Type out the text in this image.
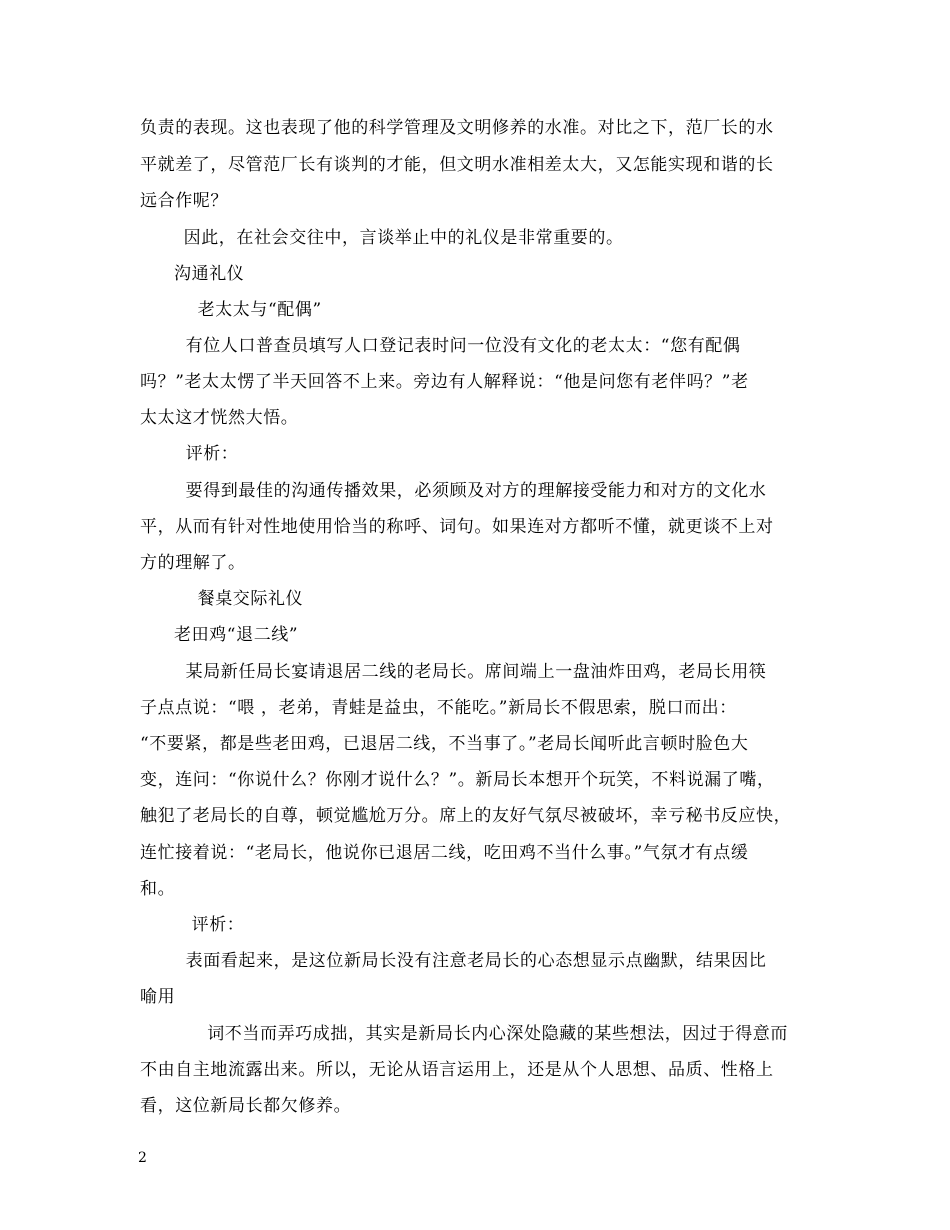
负责的表现。这也表现了他的科学管理及文明修养的水准。对比之下，范厂长的水
平就差了，尽管范厂长有谈判的才能，但文明水准相差太大，又怎能实现和谐的长
远合作呢？
　因此，在社会交往中，言谈举止中的礼仪是非常重要的。
沟通礼仪
　老太太与“配偶”
　有位人口普查员填写人口登记表时问一位没有文化的老太太：“您有配偶
吗？”老太太愣了半天回答不上来。旁边有人解释说：“他是问您有老伴吗？”老
太太这才恍然大悟。
　评析：
　要得到最佳的沟通传播效果，必须顾及对方的理解接受能力和对方的文化水
平，从而有针对性地使用恰当的称呼、词句。如果连对方都听不懂，就更谈不上对
方的理解了。
　餐桌交际礼仪
老田鸡“退二线”
　某局新任局长宴请退居二线的老局长。席间端上一盘油炸田鸡，老局长用筷
子点点说：“喂 ，老弟，青蛙是益虫，不能吃。”新局长不假思索，脱口而出：
“不要紧，都是些老田鸡，已退居二线，不当事了。”老局长闻听此言顿时脸色大
变，连问：“你说什么？你刚才说什么？”。新局长本想开个玩笑，不料说漏了嘴，
触犯了老局长的自尊，顿觉尴尬万分。席上的友好气氛尽被破坏，幸亏秘书反应快，
连忙接着说：“老局长，他说你已退居二线，吃田鸡不当什么事。”气氛才有点缓
和。
　评析：
　表面看起来，是这位新局长没有注意老局长的心态想显示点幽默，结果因比
喻用
　　词不当而弄巧成拙，其实是新局长内心深处隐藏的某些想法，因过于得意而
不由自主地流露出来。所以，无论从语言运用上，还是从个人思想、品质、性格上
看，这位新局长都欠修养。
2
